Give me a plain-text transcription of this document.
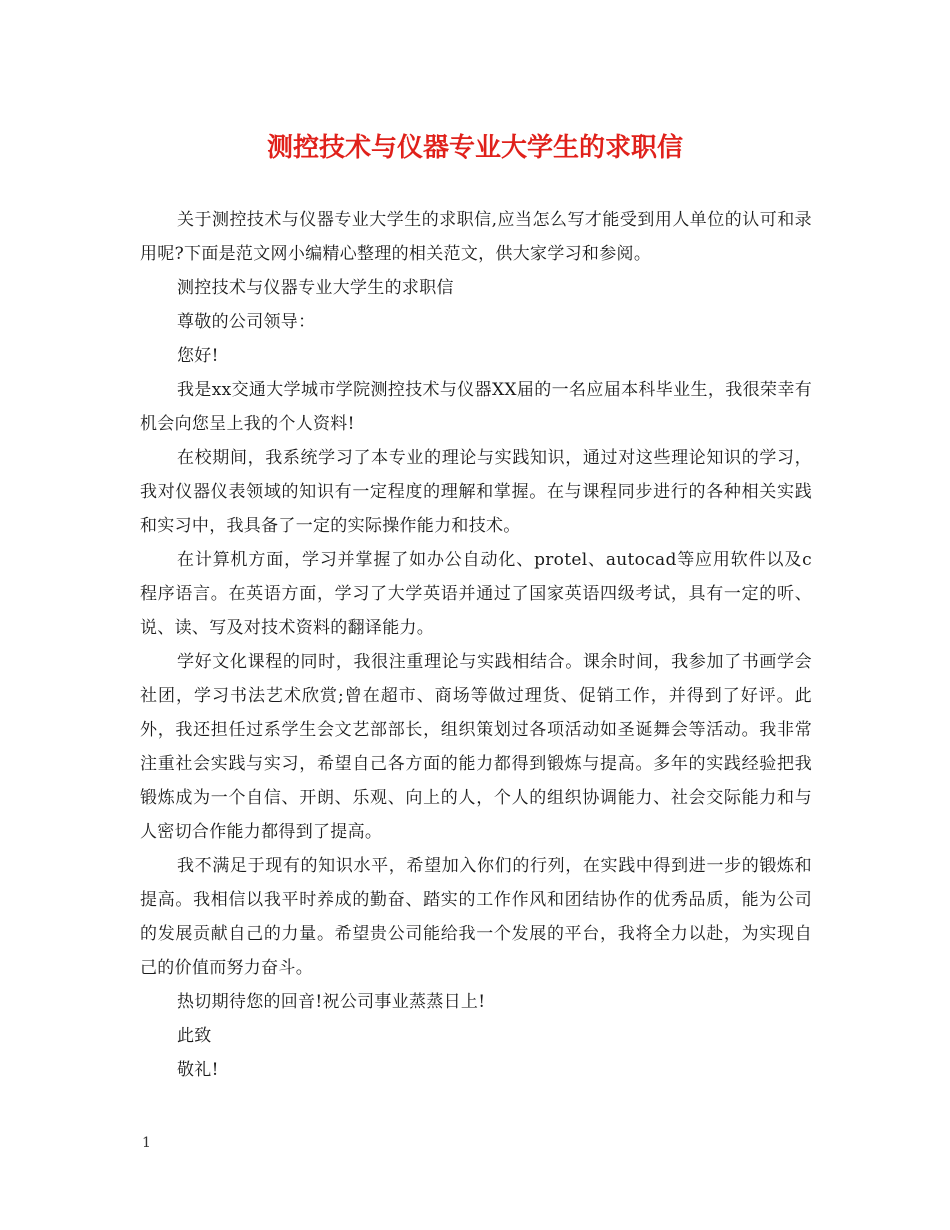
测控技术与仪器专业大学生的求职信

关于测控技术与仪器专业大学生的求职信,应当怎么写才能受到用人单位的认可和录用呢?下面是范文网小编精心整理的相关范文，供大家学习和参阅。

测控技术与仪器专业大学生的求职信

尊敬的公司领导：

您好!

我是xx交通大学城市学院测控技术与仪器XX届的一名应届本科毕业生，我很荣幸有机会向您呈上我的个人资料!

在校期间，我系统学习了本专业的理论与实践知识，通过对这些理论知识的学习，我对仪器仪表领域的知识有一定程度的理解和掌握。在与课程同步进行的各种相关实践和实习中，我具备了一定的实际操作能力和技术。

在计算机方面，学习并掌握了如办公自动化、protel、autocad等应用软件以及c程序语言。在英语方面，学习了大学英语并通过了国家英语四级考试，具有一定的听、说、读、写及对技术资料的翻译能力。

学好文化课程的同时，我很注重理论与实践相结合。课余时间，我参加了书画学会社团，学习书法艺术欣赏;曾在超市、商场等做过理货、促销工作，并得到了好评。此外，我还担任过系学生会文艺部部长，组织策划过各项活动如圣诞舞会等活动。我非常注重社会实践与实习，希望自己各方面的能力都得到锻炼与提高。多年的实践经验把我锻炼成为一个自信、开朗、乐观、向上的人，个人的组织协调能力、社会交际能力和与人密切合作能力都得到了提高。

我不满足于现有的知识水平，希望加入你们的行列，在实践中得到进一步的锻炼和提高。我相信以我平时养成的勤奋、踏实的工作作风和团结协作的优秀品质，能为公司的发展贡献自己的力量。希望贵公司能给我一个发展的平台，我将全力以赴，为实现自己的价值而努力奋斗。

热切期待您的回音!祝公司事业蒸蒸日上!

此致

敬礼!

1
